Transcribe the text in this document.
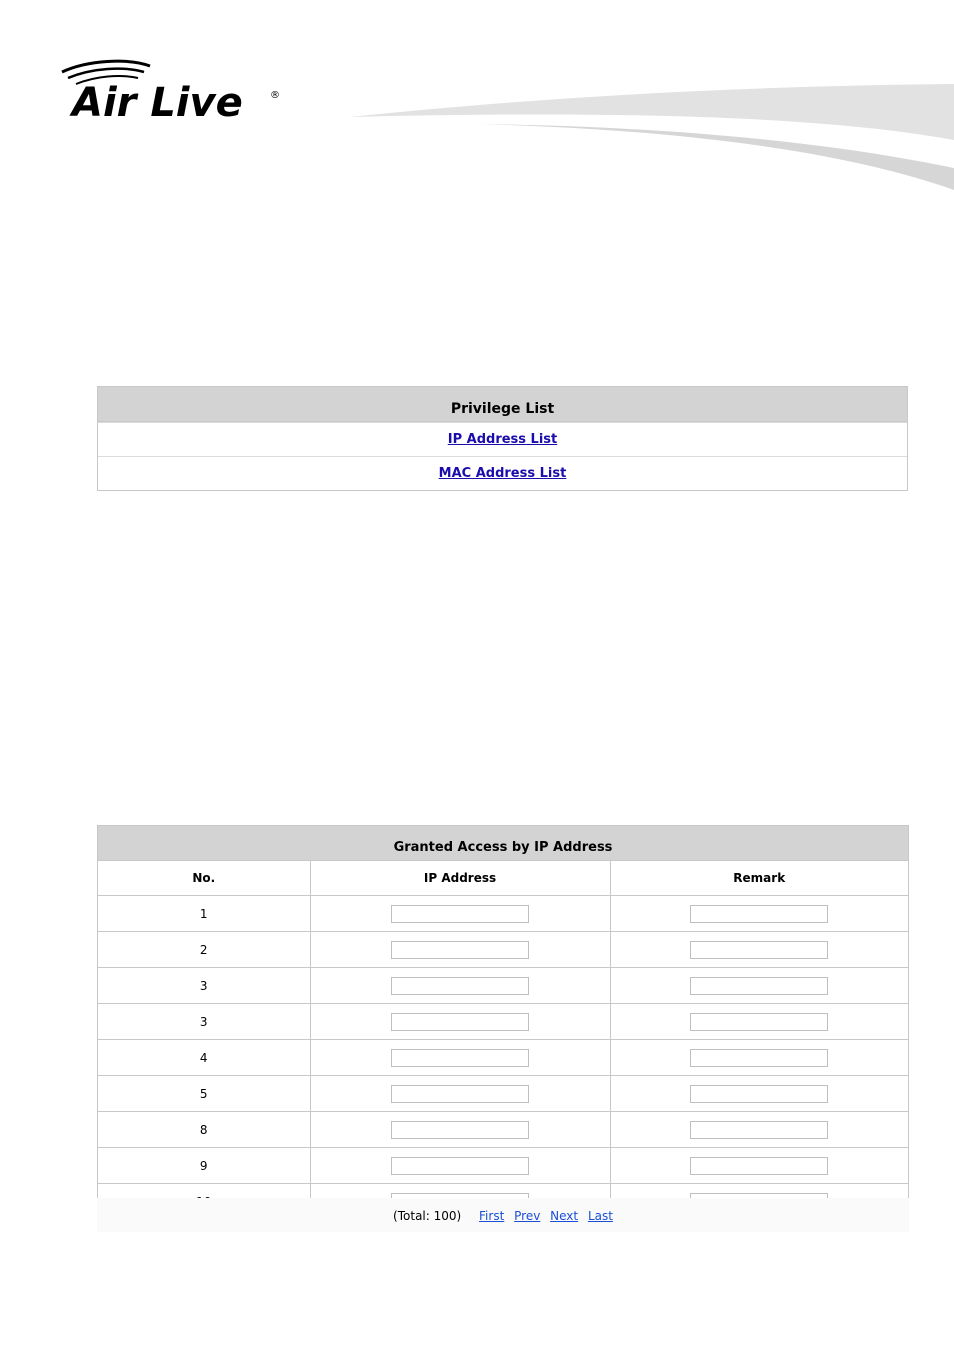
Air Live	®
Privilege List
IP Address List
MAC Address List
Granted Access by IP Address
No.	IP Address	Remark
1		
2		
3		
3		
4		
5		
8		
9		

(Total: 100) First Prev Next Last
